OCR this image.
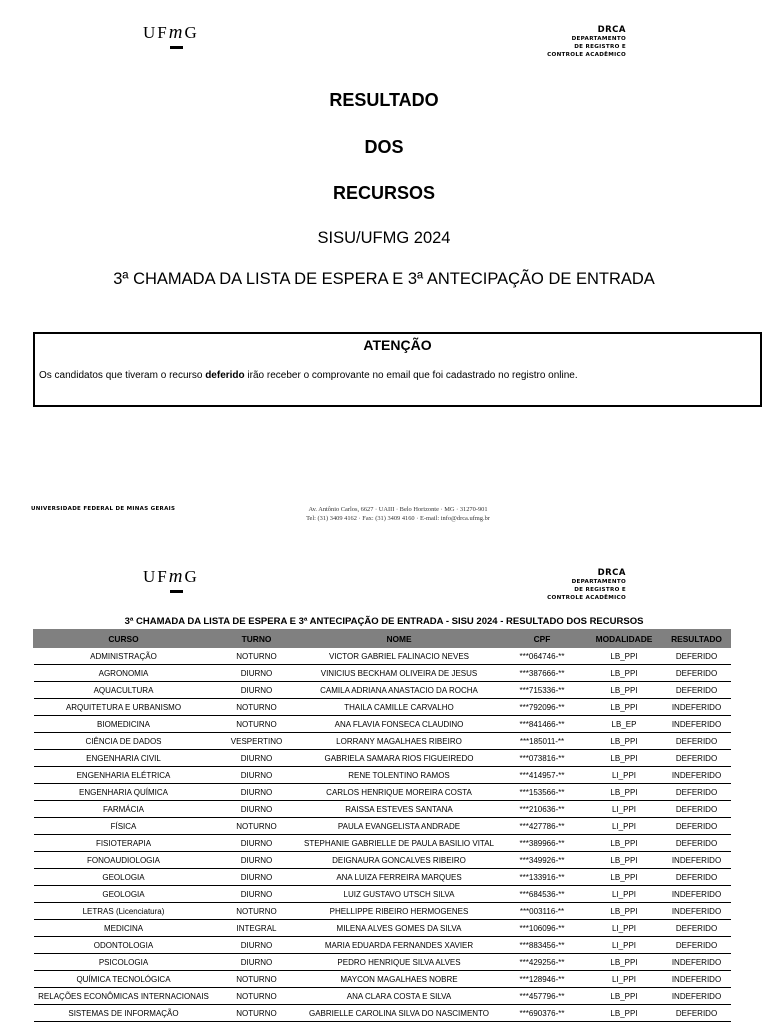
UFm
G	DRCA
DEPARTAMENTO
DE REGISTRO E
CONTROLE ACADÊMICO
RESULTADO
DOS
RECURSOS
SISU/UFMG 2024
3ª CHAMADA DA LISTA DE ESPERA E 3ª ANTECIPAÇÃO DE ENTRADA
ATENÇÃO
Os candidatos que tiveram o recurso deferido irão receber o comprovante no email que foi cadastrado no registro online.
UNIVERSIDADE FEDERAL DE MINAS GERAIS	Av. Antônio Carlos, 6627 · UAIII · Belo Horizonte · MG · 31270-901
Tel: (31) 3409 4162 · Fax: (31) 3409 4160 · E-mail: info@drca.ufmg.br
UFm
G	DRCA
DEPARTAMENTO
DE REGISTRO E
CONTROLE ACADÊMICO
3ª CHAMADA DA LISTA DE ESPERA E 3ª ANTECIPAÇÃO DE ENTRADA - SISU 2024 - RESULTADO DOS RECURSOS
CURSO	TURNO	NOME	CPF	MODALIDADE	RESULTADO
ADMINISTRAÇÃO	NOTURNO	VICTOR GABRIEL FALINACIO NEVES	***064746-**	LB_PPI	DEFERIDO
AGRONOMIA	DIURNO	VINICIUS BECKHAM OLIVEIRA DE JESUS	***387666-**	LB_PPI	DEFERIDO
AQUACULTURA	DIURNO	CAMILA ADRIANA ANASTACIO DA ROCHA	***715336-**	LB_PPI	DEFERIDO
ARQUITETURA E URBANISMO	NOTURNO	THAILA CAMILLE CARVALHO	***792096-**	LB_PPI	INDEFERIDO
BIOMEDICINA	NOTURNO	ANA FLAVIA FONSECA CLAUDINO	***841466-**	LB_EP	INDEFERIDO
CIÊNCIA DE DADOS	VESPERTINO	LORRANY MAGALHAES RIBEIRO	***185011-**	LB_PPI	DEFERIDO
ENGENHARIA CIVIL	DIURNO	GABRIELA SAMARA RIOS FIGUEIREDO	***073816-**	LB_PPI	DEFERIDO
ENGENHARIA ELÉTRICA	DIURNO	RENE TOLENTINO RAMOS	***414957-**	LI_PPI	INDEFERIDO
ENGENHARIA QUÍMICA	DIURNO	CARLOS HENRIQUE MOREIRA COSTA	***153566-**	LB_PPI	DEFERIDO
FARMÁCIA	DIURNO	RAISSA ESTEVES SANTANA	***210636-**	LI_PPI	DEFERIDO
FÍSICA	NOTURNO	PAULA EVANGELISTA ANDRADE	***427786-**	LI_PPI	DEFERIDO
FISIOTERAPIA	DIURNO	STEPHANIE GABRIELLE DE PAULA BASILIO VITAL	***389966-**	LB_PPI	DEFERIDO
FONOAUDIOLOGIA	DIURNO	DEIGNAURA GONCALVES RIBEIRO	***349926-**	LB_PPI	INDEFERIDO
GEOLOGIA	DIURNO	ANA LUIZA FERREIRA MARQUES	***133916-**	LB_PPI	DEFERIDO
GEOLOGIA	DIURNO	LUIZ GUSTAVO UTSCH SILVA	***684536-**	LI_PPI	INDEFERIDO
LETRAS (Licenciatura)	NOTURNO	PHELLIPPE RIBEIRO HERMOGENES	***003116-**	LB_PPI	INDEFERIDO
MEDICINA	INTEGRAL	MILENA ALVES GOMES DA SILVA	***106096-**	LI_PPI	DEFERIDO
ODONTOLOGIA	DIURNO	MARIA EDUARDA FERNANDES XAVIER	***883456-**	LI_PPI	DEFERIDO
PSICOLOGIA	DIURNO	PEDRO HENRIQUE SILVA ALVES	***429256-**	LB_PPI	INDEFERIDO
QUÍMICA TECNOLÓGICA	NOTURNO	MAYCON MAGALHAES NOBRE	***128946-**	LI_PPI	INDEFERIDO
RELAÇÕES ECONÔMICAS INTERNACIONAIS	NOTURNO	ANA CLARA COSTA E SILVA	***457796-**	LB_PPI	INDEFERIDO
SISTEMAS DE INFORMAÇÃO	NOTURNO	GABRIELLE CAROLINA SILVA DO NASCIMENTO	***690376-**	LB_PPI	DEFERIDO
